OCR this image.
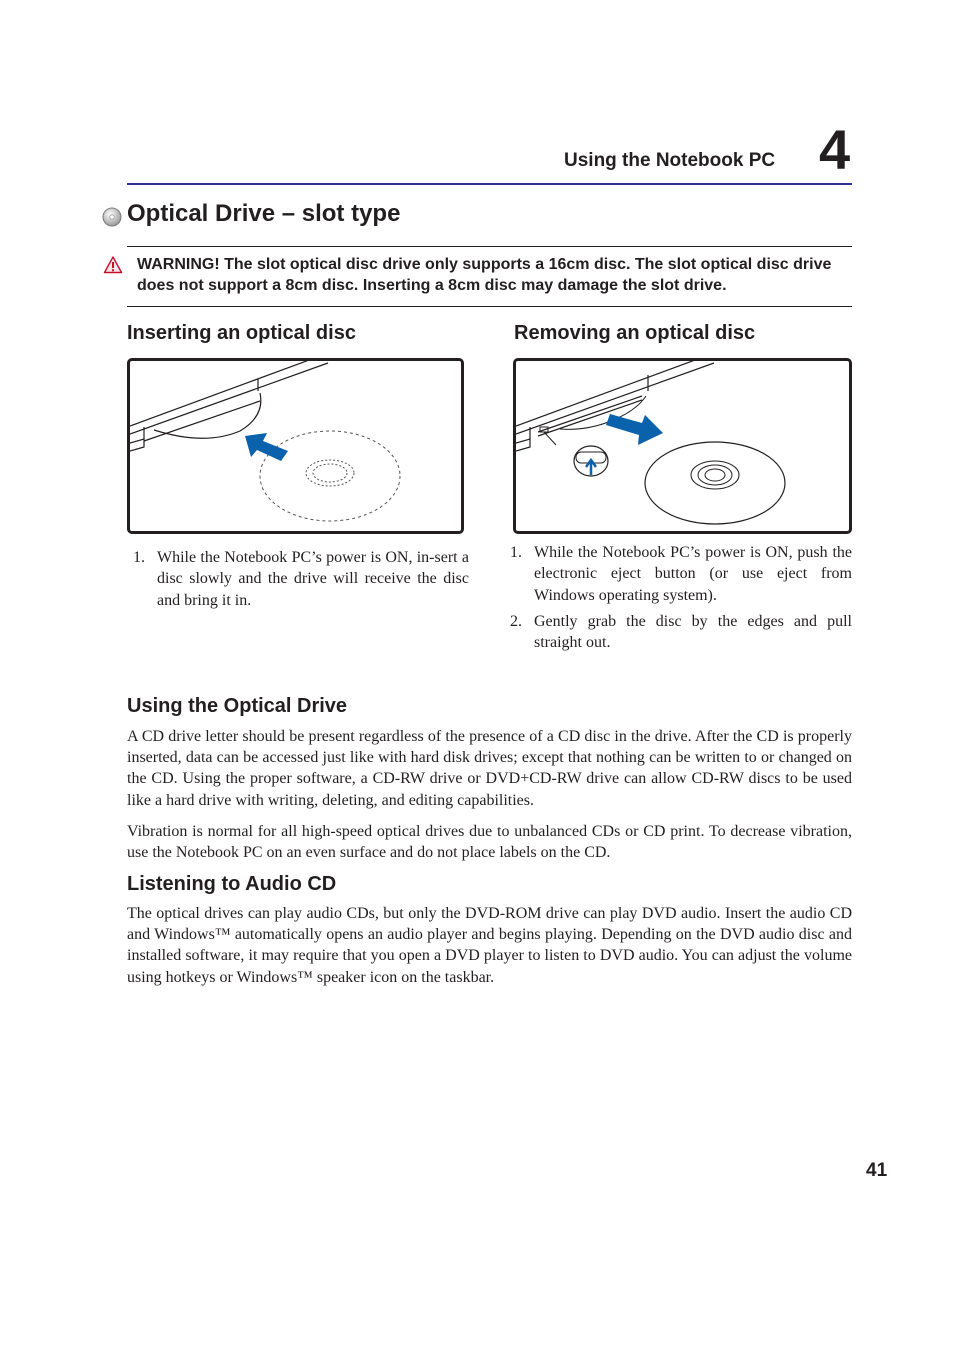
Using the Notebook PC 4
Optical Drive – slot type
WARNING! The slot optical disc drive only supports a 16cm disc. The slot optical disc drive does not support a 8cm disc. Inserting a 8cm disc may damage the slot drive.
Inserting an optical disc
1. While the Notebook PC’s power is ON, in-sert a disc slowly and the drive will receive the disc and bring it in.
Removing an optical disc
1. While the Notebook PC’s power is ON, push the electronic eject button (or use eject from Windows operating system).
2. Gently grab the disc by the edges and pull straight out.
Using the Optical Drive
A CD drive letter should be present regardless of the presence of a CD disc in the drive. After the CD is properly inserted, data can be accessed just like with hard disk drives; except that nothing can be written to or changed on the CD. Using the proper software, a CD-RW drive or DVD+CD-RW drive can allow CD-RW discs to be used like a hard drive with writing, deleting, and editing capabilities.
Vibration is normal for all high-speed optical drives due to unbalanced CDs or CD print. To decrease vibration, use the Notebook PC on an even surface and do not place labels on the CD.
Listening to Audio CD
The optical drives can play audio CDs, but only the DVD-ROM drive can play DVD audio. Insert the audio CD and Windows™ automatically opens an audio player and begins playing. Depending on the DVD audio disc and installed software, it may require that you open a DVD player to listen to DVD audio. You can adjust the volume using hotkeys or Windows™ speaker icon on the taskbar.
41
